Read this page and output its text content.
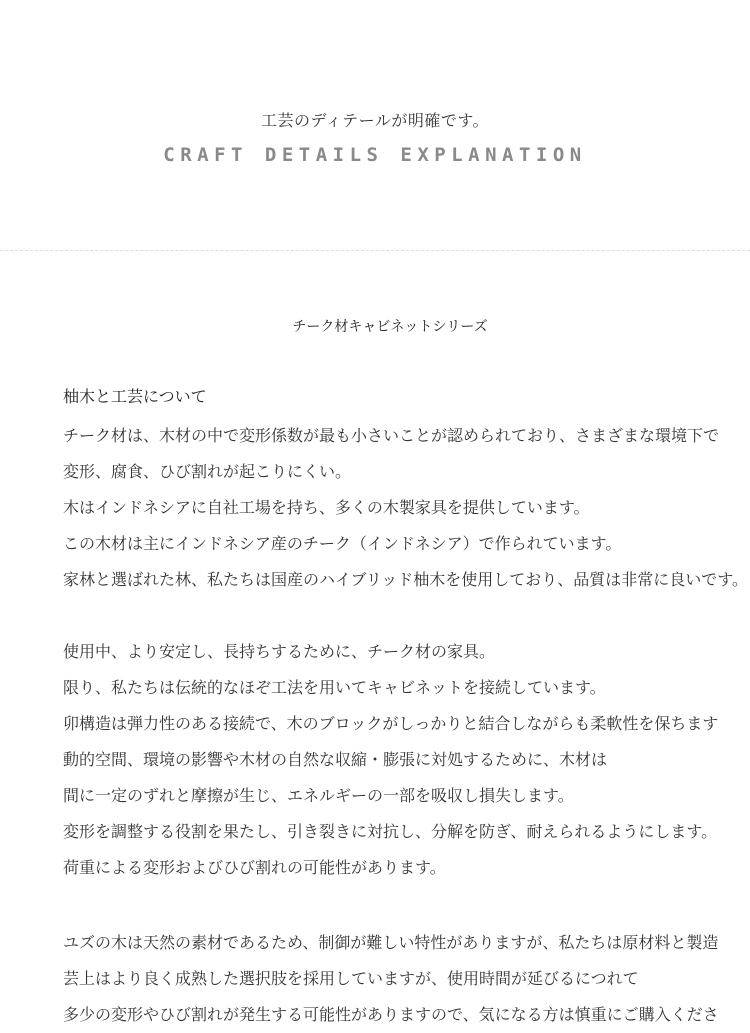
工芸のディテールが明確です。
CRAFT DETAILS EXPLANATION
チーク材キャビネットシリーズ
柚木と工芸について

チーク材は、木材の中で変形係数が最も小さいことが認められており、さまざまな環境下で

変形、腐食、ひび割れが起こりにくい。

木はインドネシアに自社工場を持ち、多くの木製家具を提供しています。

この木材は主にインドネシア産のチーク（インドネシア）で作られています。

家林と選ばれた林、私たちは国産のハイブリッド柚木を使用しており、品質は非常に良いです。

使用中、より安定し、長持ちするために、チーク材の家具。

限り、私たちは伝統的なほぞ工法を用いてキャビネットを接続しています。

卯構造は弾力性のある接続で、木のブロックがしっかりと結合しながらも柔軟性を保ちます

動的空間、環境の影響や木材の自然な収縮・膨張に対処するために、木材は

間に一定のずれと摩擦が生じ、エネルギーの一部を吸収し損失します。

変形を調整する役割を果たし、引き裂きに対抗し、分解を防ぎ、耐えられるようにします。

荷重による変形およびひび割れの可能性があります。

ユズの木は天然の素材であるため、制御が難しい特性がありますが、私たちは原材料と製造

芸上はより良く成熟した選択肢を採用していますが、使用時間が延びるにつれて

多少の変形やひび割れが発生する可能性がありますので、気になる方は慎重にご購入くださ
